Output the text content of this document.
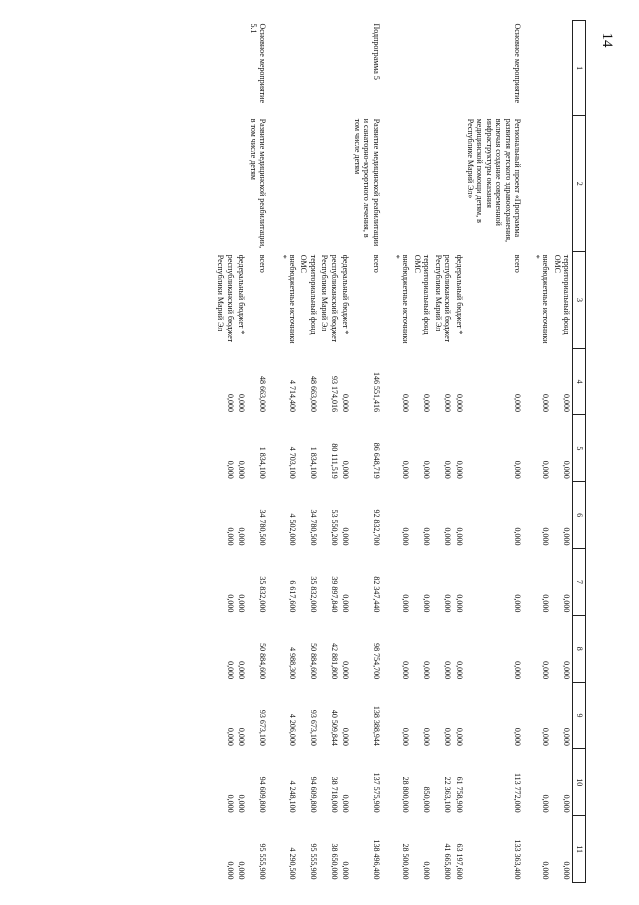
14
1	2	3	4	5	6	7	8	9	10	11
		территориальный фонд ОМС	0,000	0,000	0,000	0,000	0,000	0,000	0,000	0,000
		внебюджетные источники *	0,000	0,000	0,000	0,000	0,000	0,000	0,000	0,000
Основное мероприятие	Региональный проект «Программа развития детского здравоохранения, включая создание современной инфраструктуры оказания медицинской помощи детям, в Республике Марий Эл»	всего	0,000	0,000	0,000	0,000	0,000	0,000	113 772,000	133 363,400
		федеральный бюджет *	0,000	0,000	0,000	0,000	0,000	0,000	61 758,900	63 197,600
		республиканский бюджет Республики Марий Эл	0,000	0,000	0,000	0,000	0,000	0,000	22 363,100	41 665,800
		территориальный фонд ОМС	0,000	0,000	0,000	0,000	0,000	0,000	850,000	0,000
		внебюджетные источники *	0,000	0,000	0,000	0,000	0,000	0,000	28 800,000	28 500,000
Подпрограмма 5	Развитие медицинской реабилитации и санаторно-курортного лечения, в том числе детям	всего	146 551,416	86 648,719	92 832,700	82 347,440	98 754,700	138 388,944	137 575,900	138 496,400
		федеральный бюджет *	0,000	0,000	0,000	0,000	0,000	0,000	0,000	0,000
		республиканский бюджет Республики Марий Эл	93 174,016	80 111,519	53 550,200	39 897,840	42 881,800	40 509,844	38 718,000	38 650,000
		территориальный фонд ОМС	48 663,000	1 834,100	34 780,500	35 832,000	50 884,600	93 673,100	94 609,800	95 555,900
		внебюджетные источники *	4 714,400	4 703,100	4 502,000	6 617,600	4 988,300	4 206,000	4 248,100	4 290,500
Основное мероприятие 5.1	Развитие медицинской реабилитации, в том числе детям	всего	48 663,000	1 834,100	34 780,500	35 832,000	50 884,600	93 673,100	94 609,800	95 555,900
		федеральный бюджет *	0,000	0,000	0,000	0,000	0,000	0,000	0,000	0,000
		республиканский бюджет Республики Марий Эл	0,000	0,000	0,000	0,000	0,000	0,000	0,000	0,000
